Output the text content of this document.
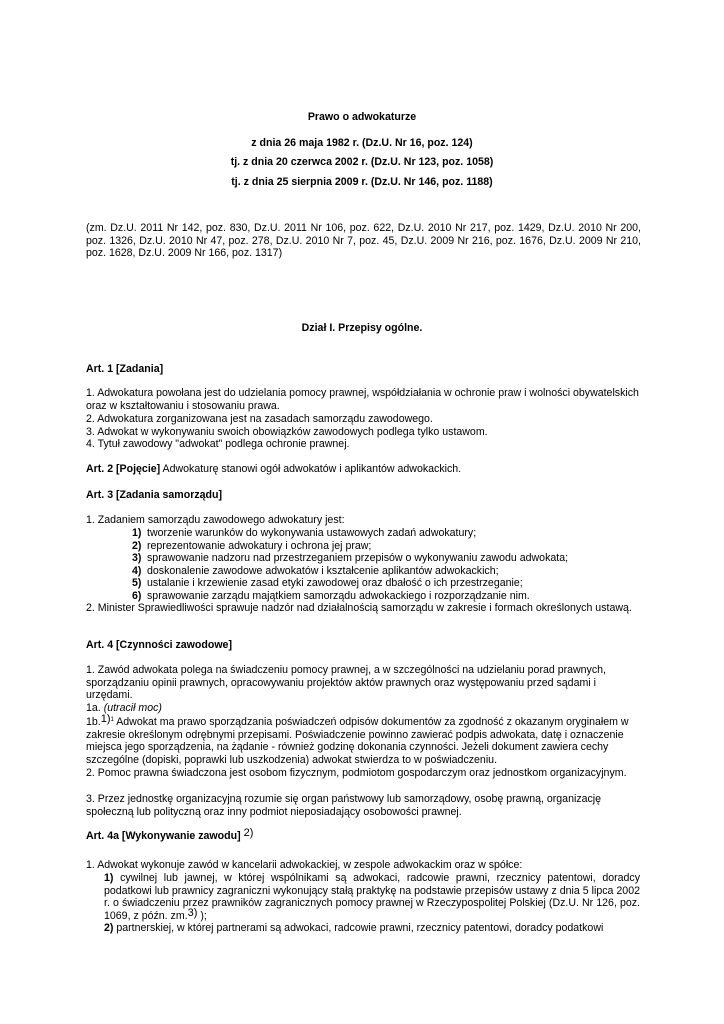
Prawo o adwokaturze

z dnia 26 maja 1982 r. (Dz.U. Nr 16, poz. 124)

tj. z dnia 20 czerwca 2002 r. (Dz.U. Nr 123, poz. 1058)

tj. z dnia 25 sierpnia 2009 r. (Dz.U. Nr 146, poz. 1188)

(zm. Dz.U. 2011 Nr 142, poz. 830, Dz.U. 2011 Nr 106, poz. 622, Dz.U. 2010 Nr 217, poz. 1429, Dz.U. 2010 Nr 200, poz. 1326, Dz.U. 2010 Nr 47, poz. 278, Dz.U. 2010 Nr 7, poz. 45, Dz.U. 2009 Nr 216, poz. 1676, Dz.U. 2009 Nr 210, poz. 1628, Dz.U. 2009 Nr 166, poz. 1317)

Dział I. Przepisy ogólne.

Art. 1 [Zadania]

1. Adwokatura powołana jest do udzielania pomocy prawnej, współdziałania w ochronie praw i wolności obywatelskich oraz w kształtowaniu i stosowaniu prawa.

2. Adwokatura zorganizowana jest na zasadach samorządu zawodowego.

3. Adwokat w wykonywaniu swoich obowiązków zawodowych podlega tylko ustawom.

4. Tytuł zawodowy "adwokat" podlega ochronie prawnej.

Art. 2 [Pojęcie] Adwokaturę stanowi ogół adwokatów i aplikantów adwokackich.

Art. 3 [Zadania samorządu]

1. Zadaniem samorządu zawodowego adwokatury jest:

1) tworzenie warunków do wykonywania ustawowych zadań adwokatury;
2) reprezentowanie adwokatury i ochrona jej praw;
3) sprawowanie nadzoru nad przestrzeganiem przepisów o wykonywaniu zawodu adwokata;
4) doskonalenie zawodowe adwokatów i kształcenie aplikantów adwokackich;
5) ustalanie i krzewienie zasad etyki zawodowej oraz dbałość o ich przestrzeganie;
6) sprawowanie zarządu majątkiem samorządu adwokackiego i rozporządzanie nim.

2. Minister Sprawiedliwości sprawuje nadzór nad działalnością samorządu w zakresie i formach określonych ustawą.

Art. 4 [Czynności zawodowe]

1. Zawód adwokata polega na świadczeniu pomocy prawnej, a w szczególności na udzielaniu porad prawnych, sporządzaniu opinii prawnych, opracowywaniu projektów aktów prawnych oraz występowaniu przed sądami i urzędami.

1a. (utracił moc)

1b.1)$^1$ Adwokat ma prawo sporządzania poświadczeń odpisów dokumentów za zgodność z okazanym oryginałem w zakresie określonym odrębnymi przepisami. Poświadczenie powinno zawierać podpis adwokata, datę i oznaczenie miejsca jego sporządzenia, na żądanie - również godzinę dokonania czynności. Jeżeli dokument zawiera cechy szczególne (dopiski, poprawki lub uszkodzenia) adwokat stwierdza to w poświadczeniu.

2. Pomoc prawna świadczona jest osobom fizycznym, podmiotom gospodarczym oraz jednostkom organizacyjnym.

3. Przez jednostkę organizacyjną rozumie się organ państwowy lub samorządowy, osobę prawną, organizację społeczną lub polityczną oraz inny podmiot nieposiadający osobowości prawnej.

Art. 4a [Wykonywanie zawodu] 2)

1. Adwokat wykonuje zawód w kancelarii adwokackiej, w zespole adwokackim oraz w spółce:

1) cywilnej lub jawnej, w której wspólnikami są adwokaci, radcowie prawni, rzecznicy patentowi, doradcy podatkowi lub prawnicy zagraniczni wykonujący stałą praktykę na podstawie przepisów ustawy z dnia 5 lipca 2002 r. o świadczeniu przez prawników zagranicznych pomocy prawnej w Rzeczypospolitej Polskiej (Dz.U. Nr 126, poz. 1069, z późn. zm.3) );

2) partnerskiej, w której partnerami są adwokaci, radcowie prawni, rzecznicy patentowi, doradcy podatkowi
